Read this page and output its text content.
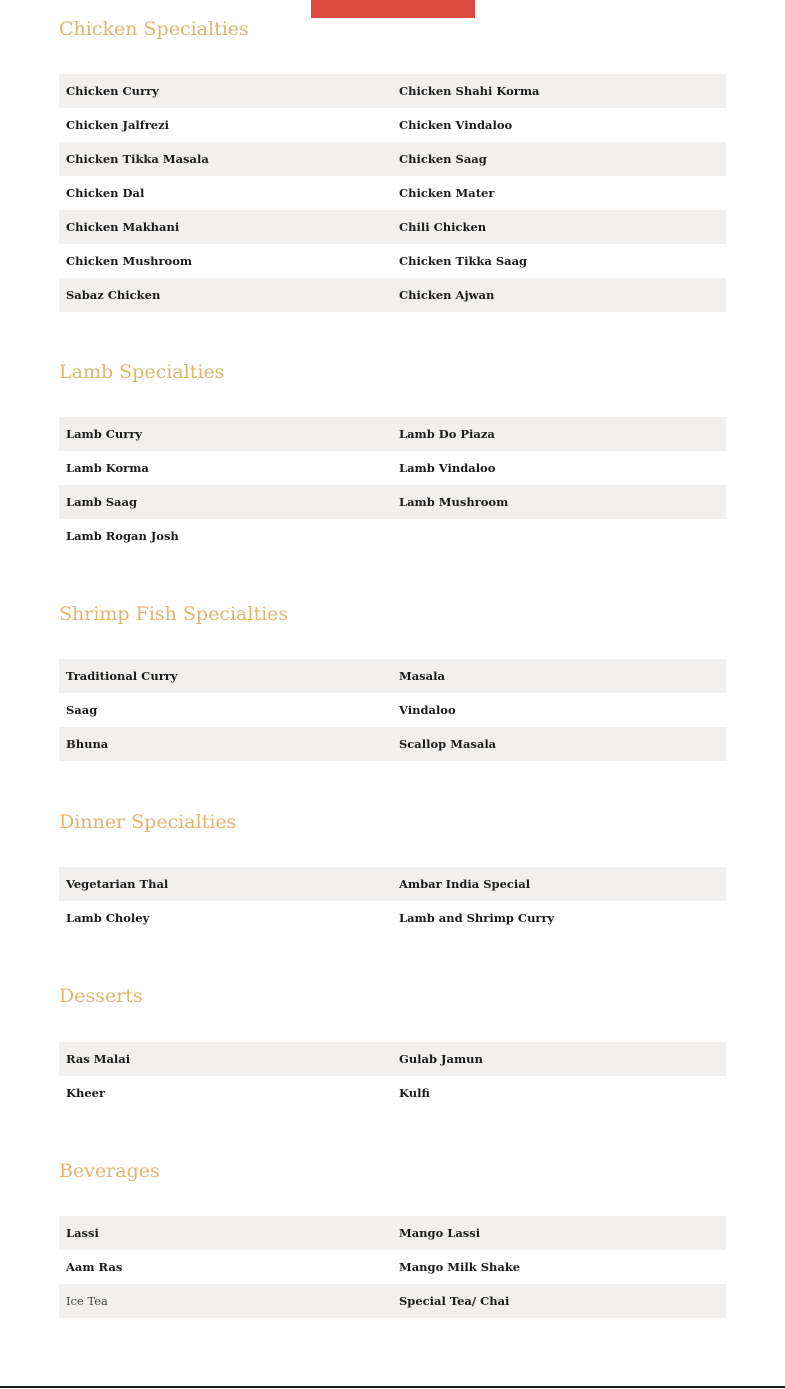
Chicken Specialties
Chicken Curry	Chicken Shahi Korma
Chicken Jalfrezi	Chicken Vindaloo
Chicken Tikka Masala	Chicken Saag
Chicken Dal	Chicken Mater
Chicken Makhani	Chili Chicken
Chicken Mushroom	Chicken Tikka Saag
Sabaz Chicken	Chicken Ajwan
Lamb Specialties
Lamb Curry	Lamb Do Piaza
Lamb Korma	Lamb Vindaloo
Lamb Saag	Lamb Mushroom
Lamb Rogan Josh
Shrimp Fish Specialties
Traditional Curry	Masala
Saag	Vindaloo
Bhuna	Scallop Masala
Dinner Specialties
Vegetarian Thal	Ambar India Special
Lamb Choley	Lamb and Shrimp Curry
Desserts
Ras Malai	Gulab Jamun
Kheer	Kulfi
Beverages
Lassi	Mango Lassi
Aam Ras	Mango Milk Shake
Ice Tea	Special Tea/ Chai
